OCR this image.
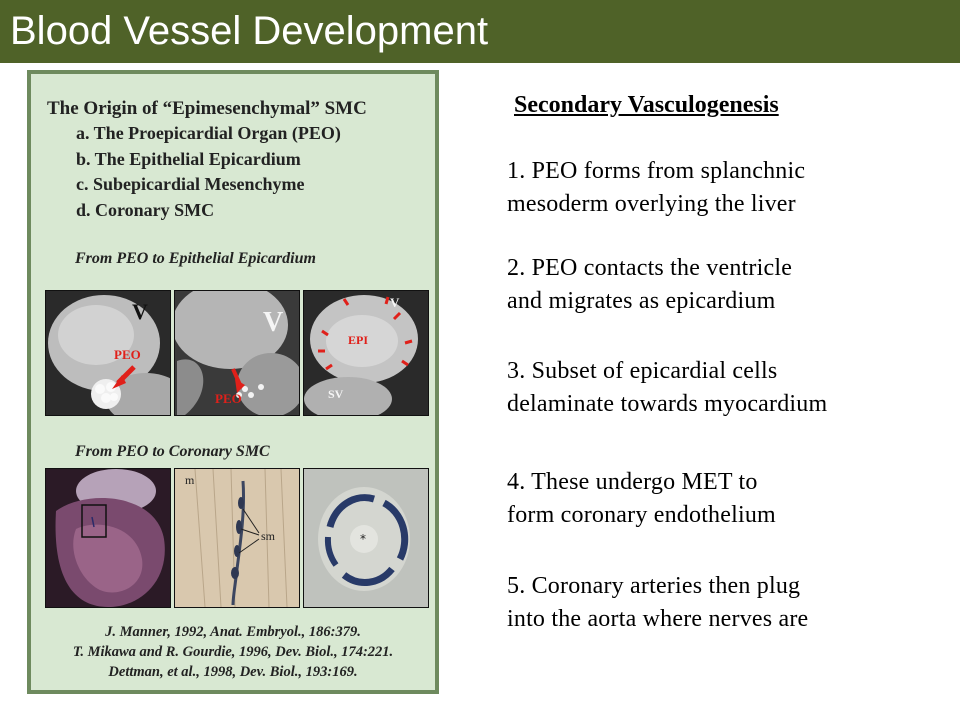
Blood Vessel Development
The Origin of “Epimesenchymal” SMC
a. The Proepicardial Organ (PEO)
b. The Epithelial Epicardium
c. Subepicardial Mesenchyme
d. Coronary SMC
From PEO to Epithelial Epicardium
V
PEO
V
PEO
V
EPI
SV
From PEO to Coronary SMC
m
sm	*
J. Manner, 1992, Anat. Embryol., 186:379.
T. Mikawa and R. Gourdie, 1996, Dev. Biol., 174:221.
Dettman, et al., 1998, Dev. Biol., 193:169.
Secondary Vasculogenesis
1. PEO forms from splanchnic
mesoderm overlying the liver
2. PEO contacts the ventricle
and migrates as epicardium
3. Subset of epicardial cells
delaminate towards myocardium
4. These undergo MET to
form coronary endothelium
5. Coronary arteries then plug
into the aorta where nerves are
